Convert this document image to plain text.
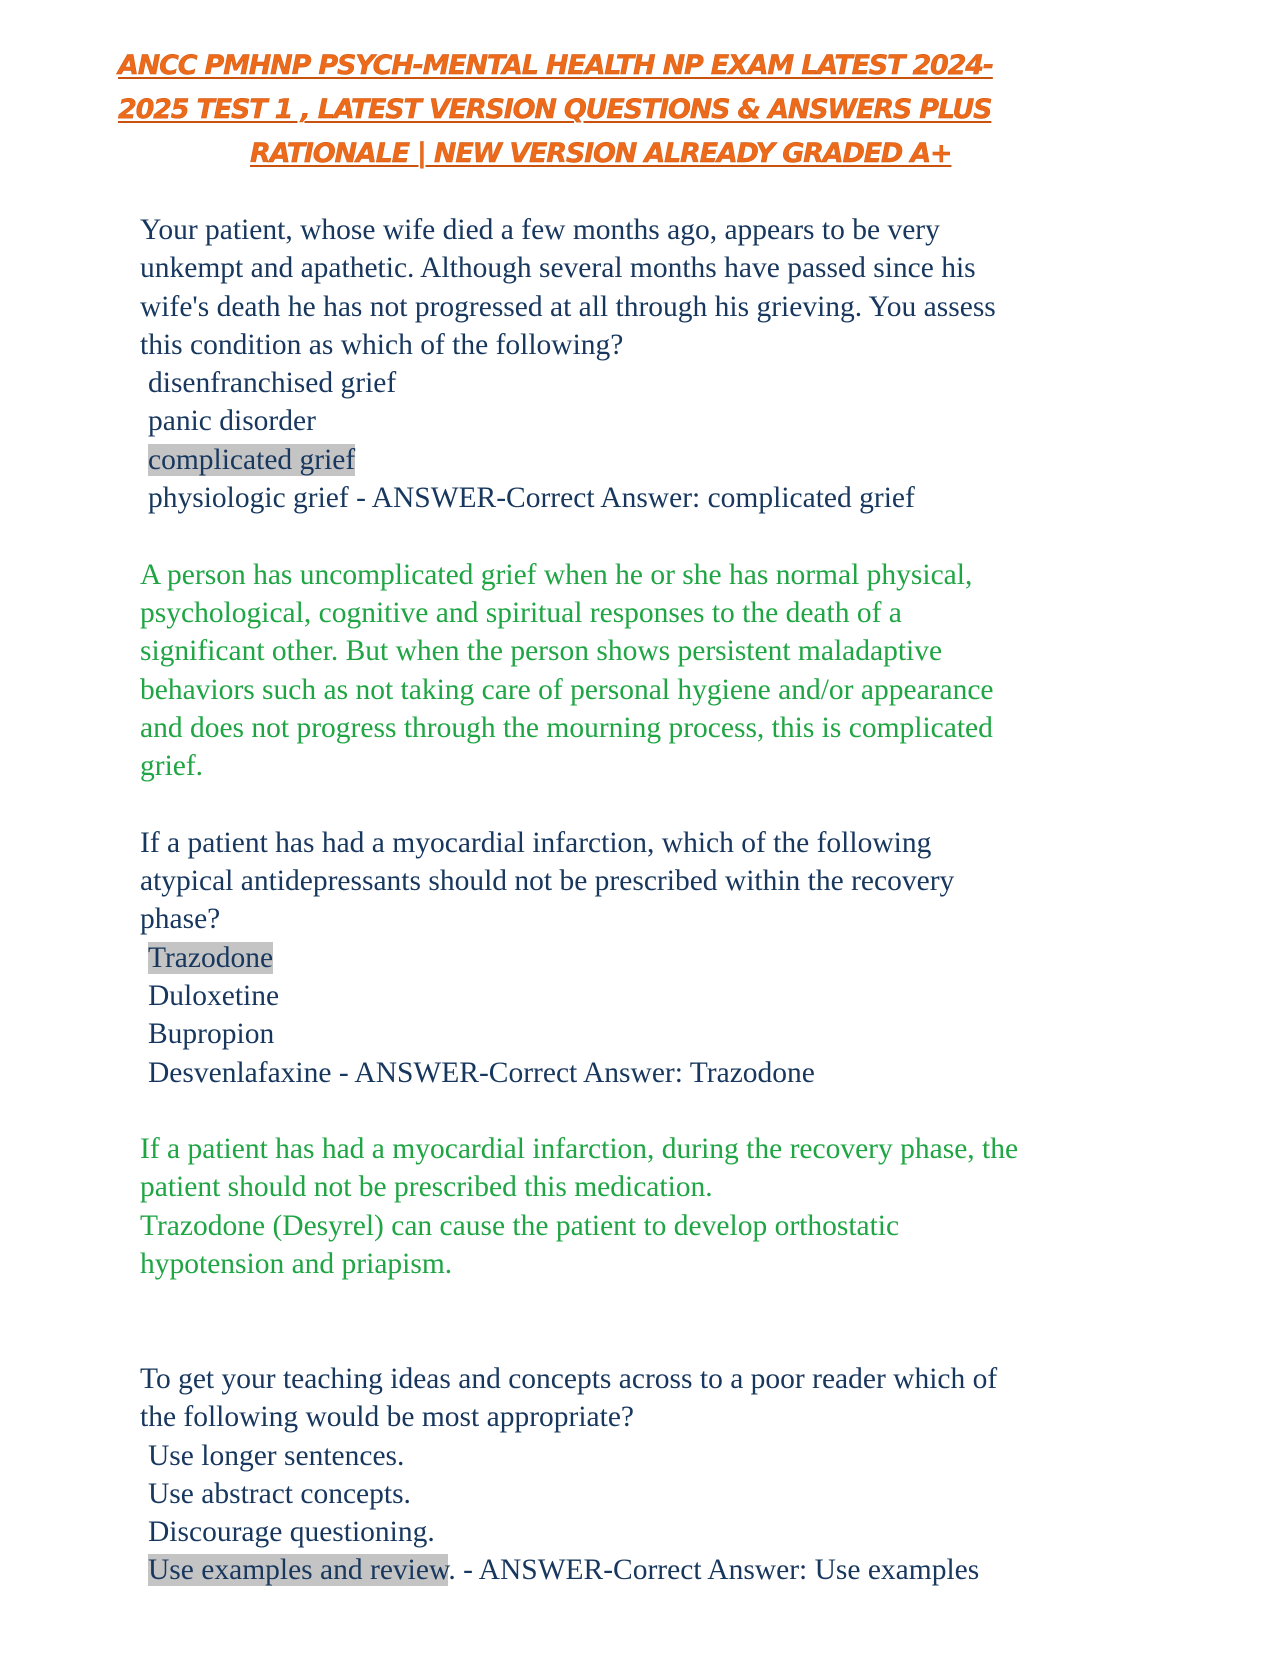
ANCC PMHNP PSYCH-MENTAL HEALTH NP EXAM LATEST 2024-
2025 TEST 1 , LATEST VERSION QUESTIONS & ANSWERS PLUS
RATIONALE | NEW VERSION ALREADY GRADED A+
Your patient, whose wife died a few months ago, appears to be very
unkempt and apathetic. Although several months have passed since his
wife's death he has not progressed at all through his grieving. You assess
this condition as which of the following?
disenfranchised grief
panic disorder
complicated grief
physiologic grief - ANSWER-Correct Answer: complicated grief
A person has uncomplicated grief when he or she has normal physical,
psychological, cognitive and spiritual responses to the death of a
significant other. But when the person shows persistent maladaptive
behaviors such as not taking care of personal hygiene and/or appearance
and does not progress through the mourning process, this is complicated
grief.
If a patient has had a myocardial infarction, which of the following
atypical antidepressants should not be prescribed within the recovery
phase?
Trazodone
Duloxetine
Bupropion
Desvenlafaxine - ANSWER-Correct Answer: Trazodone
If a patient has had a myocardial infarction, during the recovery phase, the
patient should not be prescribed this medication.
Trazodone (Desyrel) can cause the patient to develop orthostatic
hypotension and priapism.
To get your teaching ideas and concepts across to a poor reader which of
the following would be most appropriate?
Use longer sentences.
Use abstract concepts.
Discourage questioning.
Use examples and review. - ANSWER-Correct Answer: Use examples
